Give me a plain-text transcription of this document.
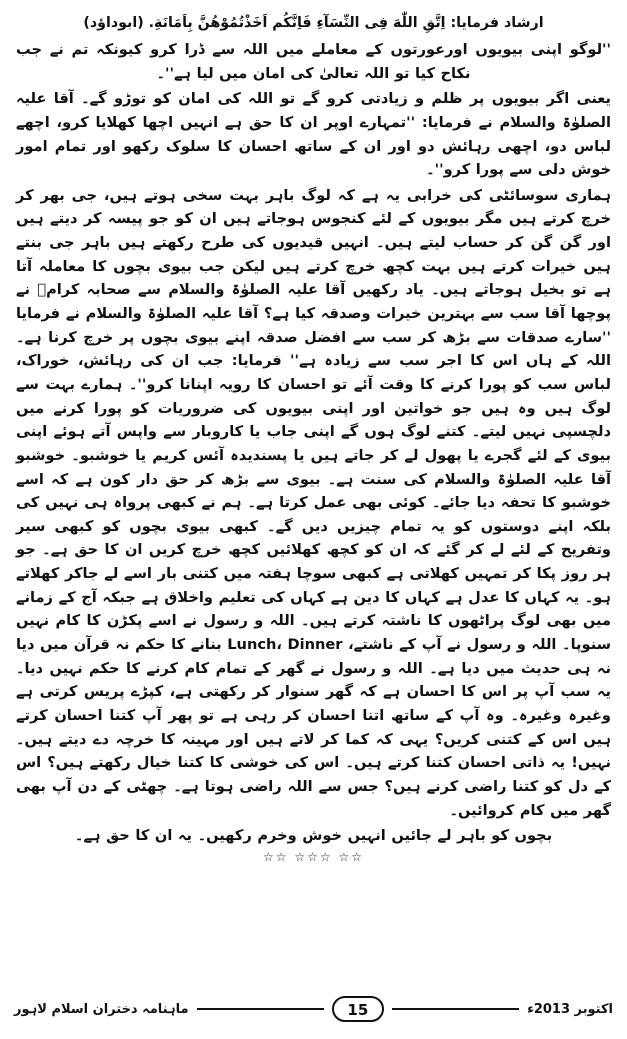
ارشاد فرمایا: اِتَّقِ اللّٰهَ فِی النِّسَآءِ فَاِنَّكُم اَخَذْتُمُوْهُنَّ بِاَمَانَةِ. (ابوداؤد)

''لوگو اپنی بیویوں اورعورتوں کے معاملے میں اللہ سے ڈرا کرو کیونکہ تم نے جب نکاح کیا تو اللہ تعالیٰ کی امان میں لیا ہے''۔

یعنی اگر بیویوں پر ظلم و زیادتی کرو گے تو اللہ کی امان کو توڑو گے۔ آقا علیہ الصلوٰۃ والسلام نے فرمایا: ''تمہارے اوپر ان کا حق ہے انہیں اچھا کھلایا کرو، اچھے لباس دو، اچھی رہائش دو اور ان کے ساتھ احسان کا سلوک رکھو اور تمام امور خوش دلی سے پورا کرو''۔

ہماری سوسائٹی کی خرابی یہ ہے کہ لوگ باہر بہت سخی ہوتے ہیں، جی بھر کر خرچ کرتے ہیں مگر بیویوں کے لئے کنجوس ہوجاتے ہیں ان کو جو پیسہ کر دیتے ہیں اور گن گن کر حساب لیتے ہیں۔ انہیں قیدیوں کی طرح رکھتے ہیں باہر جی بنتے ہیں خیرات کرتے ہیں بہت کچھ خرچ کرتے ہیں لیکن جب بیوی بچوں کا معاملہ آتا ہے تو بخیل ہوجاتے ہیں۔ یاد رکھیں آقا علیہ الصلوٰۃ والسلام سے صحابہ کرامؓ نے پوچھا آقا سب سے بہترین خیرات وصدقہ کیا ہے؟ آقا علیہ الصلوٰۃ والسلام نے فرمایا ''سارے صدقات سے بڑھ کر سب سے افضل صدقہ اپنے بیوی بچوں پر خرچ کرنا ہے۔ اللہ کے ہاں اس کا اجر سب سے زیادہ ہے'' فرمایا: جب ان کی رہائش، خوراک، لباس سب کو پورا کرنے کا وقت آئے تو احسان کا رویہ اپنانا کرو''۔ ہمارے بہت سے لوگ ہیں وہ ہیں جو خواتین اور اپنی بیویوں کی ضروریات کو پورا کرنے میں دلچسپی نہیں لیتے۔ کتنے لوگ ہوں گے اپنی جاب یا کاروبار سے واپس آتے ہوئے اپنی بیوی کے لئے گجرے یا پھول لے کر جاتے ہیں یا پسندیدہ آئس کریم یا خوشبو۔ خوشبو آقا علیہ الصلوٰۃ والسلام کی سنت ہے۔ بیوی سے بڑھ کر حق دار کون ہے کہ اسے خوشبو کا تحفہ دیا جائے۔ کوئی بھی عمل کرتا ہے۔ ہم نے کبھی پرواہ ہی نہیں کی بلکہ اپنے دوستوں کو یہ تمام چیزیں دیں گے۔ کبھی بیوی بچوں کو کبھی سیر وتفریح کے لئے لے کر گئے کہ ان کو کچھ کھلائیں کچھ خرچ کریں ان کا حق ہے۔ جو ہر روز پکا کر تمہیں کھلاتی ہے کبھی سوچا ہفتہ میں کتنی بار اسے لے جاکر کھلاتے ہو۔ یہ کہاں کا عدل ہے کہاں کا دین ہے کہاں کی تعلیم واخلاق ہے جبکہ آج کے زمانے میں بھی لوگ پراٹھوں کا ناشتہ کرتے ہیں۔ اللہ و رسول نے اسے پکڑن کا کام نہیں سنوپا۔ اللہ و رسول نے آپ کے ناشتے، Lunch، Dinner بنانے کا حکم نہ قرآن میں دیا نہ ہی حدیث میں دیا ہے۔ اللہ و رسول نے گھر کے تمام کام کرنے کا حکم نہیں دیا۔ یہ سب آپ پر اس کا احسان ہے کہ گھر سنوار کر رکھتی ہے، کپڑے پریس کرتی ہے وغیرہ وغیرہ۔ وہ آپ کے ساتھ اتنا احسان کر رہی ہے تو پھر آپ کتنا احسان کرتے ہیں اس کے کتنی کریں؟ یہی کہ کما کر لاتے ہیں اور مہینہ کا خرچہ دے دیتے ہیں۔ نہیں! یہ ذاتی احسان کتنا کرتے ہیں۔ اس کی خوشی کا کتنا خیال رکھتے ہیں؟ اس کے دل کو کتنا راضی کرنے ہیں؟ جس سے اللہ راضی ہوتا ہے۔ چھٹی کے دن آپ بھی گھر میں کام کروائیں۔

بچوں کو باہر لے جائیں انہیں خوش وخرم رکھیں۔ یہ ان کا حق ہے۔

☆☆ ☆☆☆ ☆☆
اکتوبر 2013ء
15
ماہنامہ دختران اسلام لاہور
